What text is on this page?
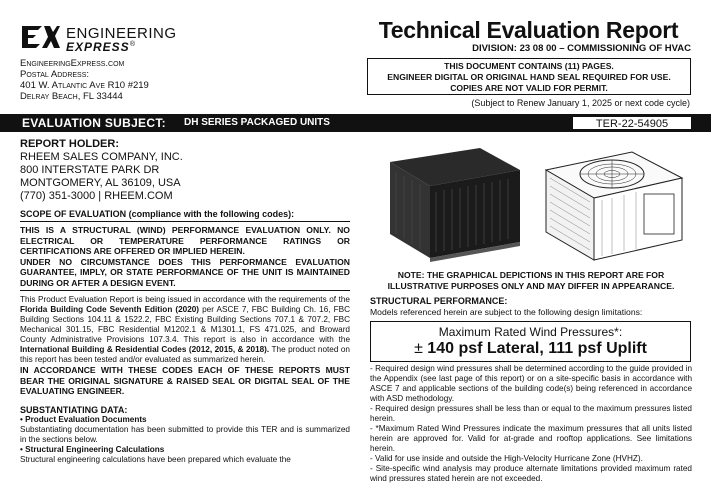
ENGINEERING
EXPRESS®
EngineeringExpress.com
Postal Address:
401 W. Atlantic Ave R10 #219
Delray Beach, FL 33444
Technical Evaluation Report
DIVISION: 23 08 00 – COMMISSIONING OF HVAC
THIS DOCUMENT CONTAINS (11) PAGES.
ENGINEER DIGITAL OR ORIGINAL HAND SEAL REQUIRED FOR USE.
COPIES ARE NOT VALID FOR PERMIT.
(Subject to Renew January 1, 2025 or next code cycle)
EVALUATION SUBJECT: DH SERIES PACKAGED UNITS	TER-22-54905
REPORT HOLDER:
RHEEM SALES COMPANY, INC.
800 INTERSTATE PARK DR
MONTGOMERY, AL 36109, USA
(770) 351-3000 | RHEEM.COM
SCOPE OF EVALUATION (compliance with the following codes):
THIS IS A STRUCTURAL (WIND) PERFORMANCE EVALUATION ONLY. NO ELECTRICAL OR TEMPERATURE PERFORMANCE RATINGS OR CERTIFICATIONS ARE OFFERED OR IMPLIED HEREIN.
UNDER NO CIRCUMSTANCE DOES THIS PERFORMANCE EVALUATION GUARANTEE, IMPLY, OR STATE PERFORMANCE OF THE UNIT IS MAINTAINED DURING OR AFTER A DESIGN EVENT.
This Product Evaluation Report is being issued in accordance with the requirements of the Florida Building Code Seventh Edition (2020) per ASCE 7, FBC Building Ch. 16, FBC Building Sections 104.11 & 1522.2, FBC Existing Building Sections 707.1 & 707.2, FBC Mechanical 301.15, FBC Residential M1202.1 & M1301.1, FS 471.025, and Broward County Administrative Provisions 107.3.4. This report is also in accordance with the International Building & Residential Codes (2012, 2015, & 2018). The product noted on this report has been tested and/or evaluated as summarized herein.
IN ACCORDANCE WITH THESE CODES EACH OF THESE REPORTS MUST BEAR THE ORIGINAL SIGNATURE & RAISED SEAL OR DIGITAL SEAL OF THE EVALUATING ENGINEER.
SUBSTANTIATING DATA:
• Product Evaluation Documents
Substantiating documentation has been submitted to provide this TER and is summarized in the sections below.
• Structural Engineering Calculations
Structural engineering calculations have been prepared which evaluate the
NOTE: THE GRAPHICAL DEPICTIONS IN THIS REPORT ARE FOR ILLUSTRATIVE PURPOSES ONLY AND MAY DIFFER IN APPEARANCE.
STRUCTURAL PERFORMANCE:
Models referenced herein are subject to the following design limitations:
Maximum Rated Wind Pressures*:
± 140 psf Lateral, 111 psf Uplift
- Required design wind pressures shall be determined according to the guide provided in the Appendix (see last page of this report) or on a site-specific basis in accordance with ASCE 7 and applicable sections of the building code(s) being referenced in accordance with ASD methodology.
- Required design pressures shall be less than or equal to the maximum pressures listed herein.
- *Maximum Rated Wind Pressures indicate the maximum pressures that all units listed herein are approved for. Valid for at-grade and rooftop applications. See limitations herein.
- Valid for use inside and outside the High-Velocity Hurricane Zone (HVHZ).
- Site-specific wind analysis may produce alternate limitations provided maximum rated wind pressures stated herein are not exceeded.
